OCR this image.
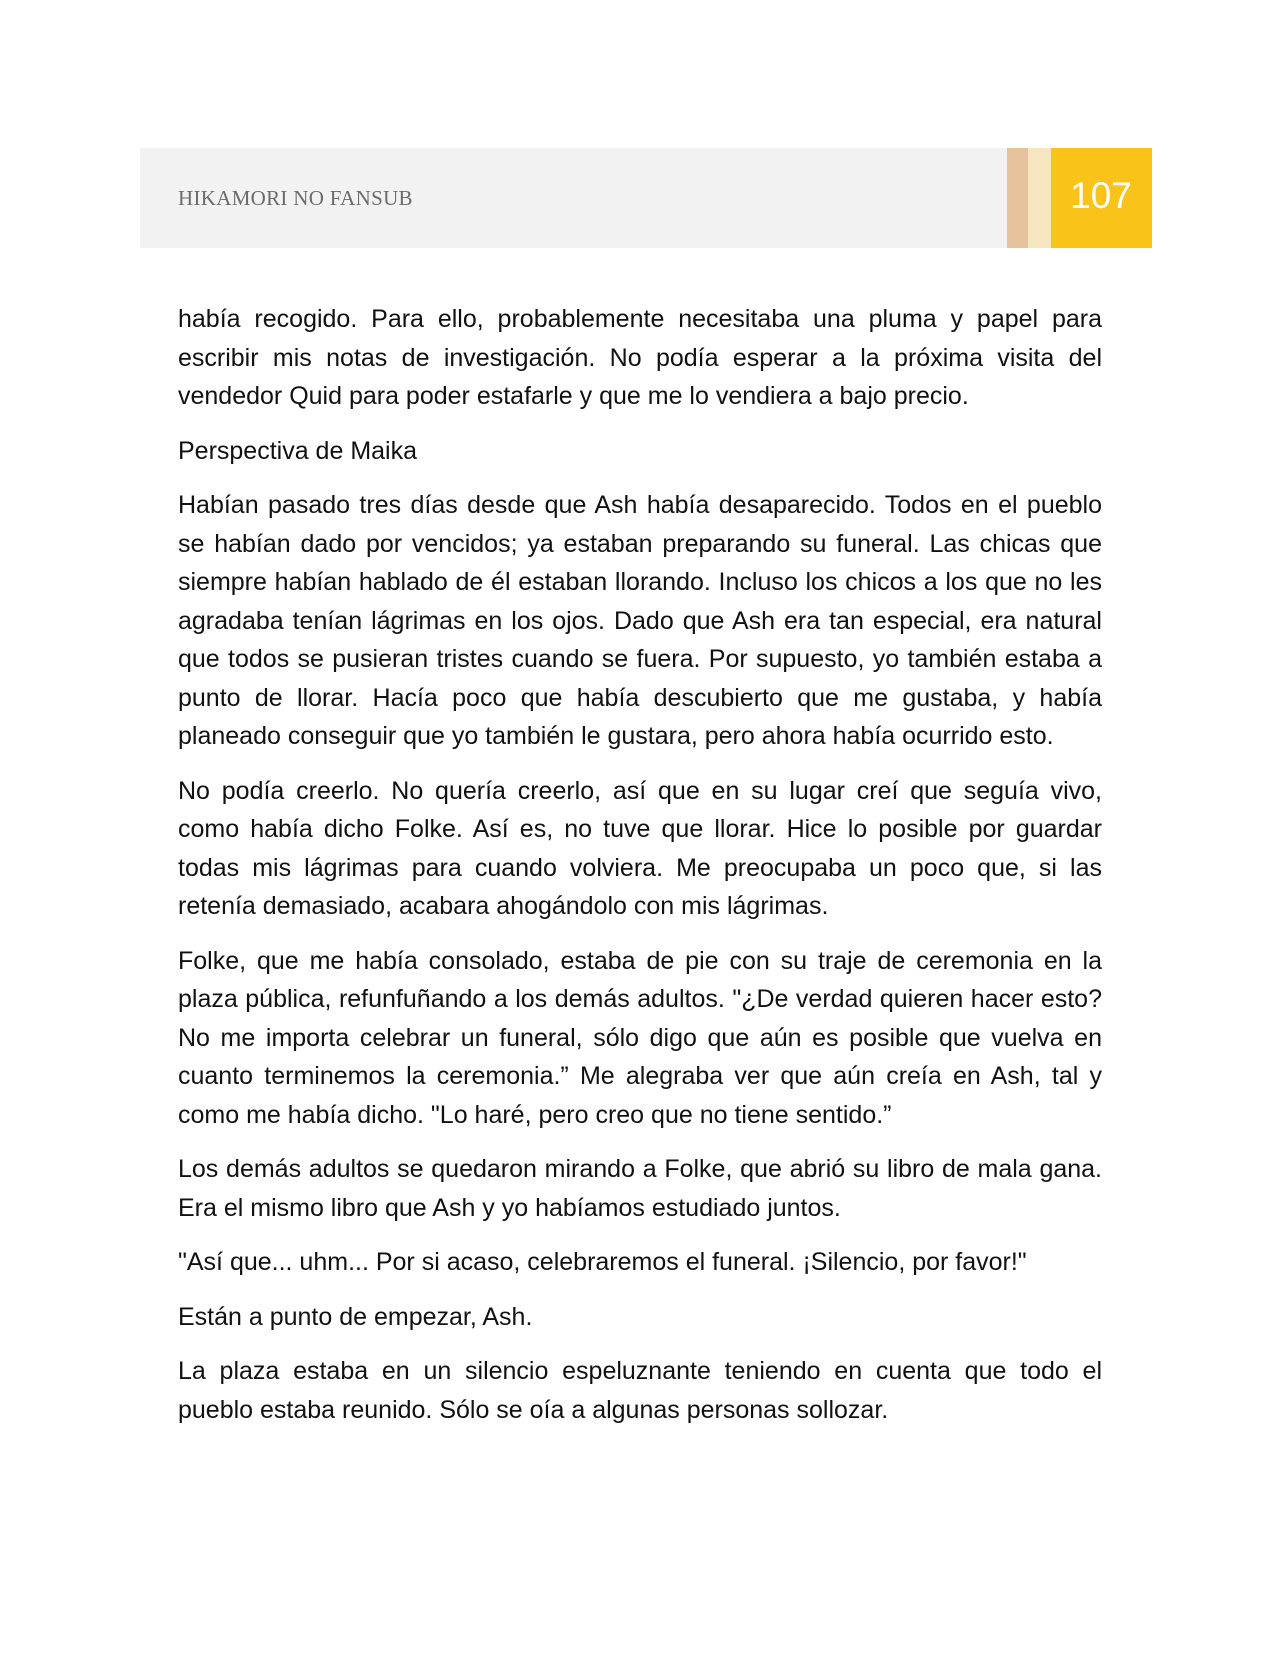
HIKAMORI NO FANSUB	107

había recogido. Para ello, probablemente necesitaba una pluma y papel para escribir mis notas de investigación. No podía esperar a la próxima visita del vendedor Quid para poder estafarle y que me lo vendiera a bajo precio.

Perspectiva de Maika

Habían pasado tres días desde que Ash había desaparecido. Todos en el pueblo se habían dado por vencidos; ya estaban preparando su funeral. Las chicas que siempre habían hablado de él estaban llorando. Incluso los chicos a los que no les agradaba tenían lágrimas en los ojos. Dado que Ash era tan especial, era natural que todos se pusieran tristes cuando se fuera. Por supuesto, yo también estaba a punto de llorar. Hacía poco que había descubierto que me gustaba, y había planeado conseguir que yo también le gustara, pero ahora había ocurrido esto.

No podía creerlo. No quería creerlo, así que en su lugar creí que seguía vivo, como había dicho Folke. Así es, no tuve que llorar. Hice lo posible por guardar todas mis lágrimas para cuando volviera. Me preocupaba un poco que, si las retenía demasiado, acabara ahogándolo con mis lágrimas.

Folke, que me había consolado, estaba de pie con su traje de ceremonia en la plaza pública, refunfuñando a los demás adultos. "¿De verdad quieren hacer esto? No me importa celebrar un funeral, sólo digo que aún es posible que vuelva en cuanto terminemos la ceremonia.” Me alegraba ver que aún creía en Ash, tal y como me había dicho. "Lo haré, pero creo que no tiene sentido.”

Los demás adultos se quedaron mirando a Folke, que abrió su libro de mala gana. Era el mismo libro que Ash y yo habíamos estudiado juntos.

"Así que... uhm... Por si acaso, celebraremos el funeral. ¡Silencio, por favor!"

Están a punto de empezar, Ash.

La plaza estaba en un silencio espeluznante teniendo en cuenta que todo el pueblo estaba reunido. Sólo se oía a algunas personas sollozar.
